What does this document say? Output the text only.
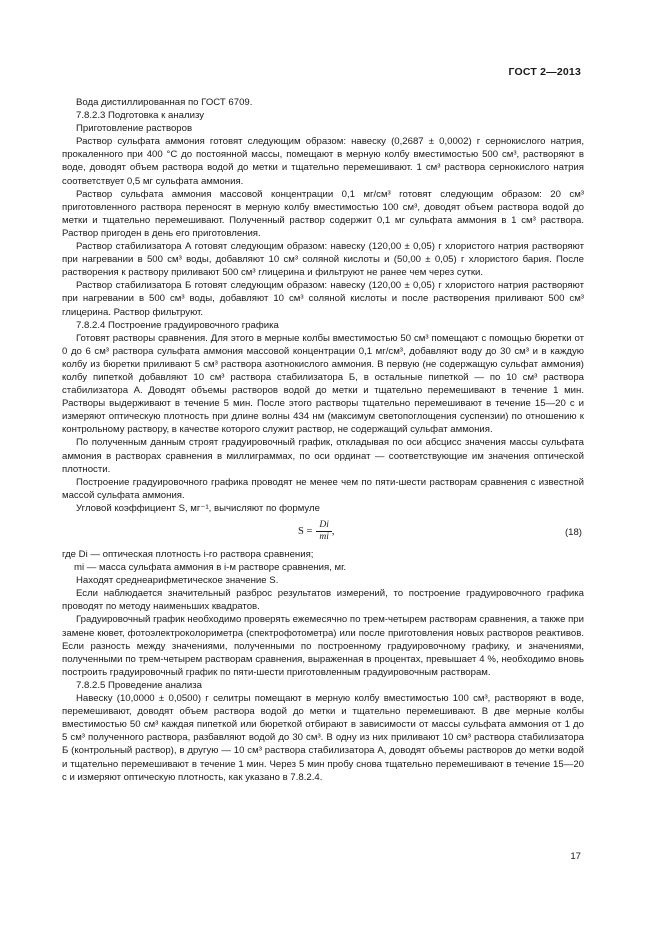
ГОСТ 2—2013

Вода дистиллированная по ГОСТ 6709.

7.8.2.3 Подготовка к анализу

Приготовление растворов

Раствор сульфата аммония готовят следующим образом: навеску (0,2687 ± 0,0002) г сернокислого натрия, прокаленного при 400 °С до постоянной массы, помещают в мерную колбу вместимостью 500 см³, растворяют в воде, доводят объем раствора водой до метки и тщательно перемешивают. 1 см³ раствора сернокислого натрия соответствует 0,5 мг сульфата аммония.

Раствор сульфата аммония массовой концентрации 0,1 мг/см³ готовят следующим образом: 20 см³ приготовленного раствора переносят в мерную колбу вместимостью 100 см³, доводят объем раствора водой до метки и тщательно перемешивают. Полученный раствор содержит 0,1 мг сульфата аммония в 1 см³ раствора. Раствор пригоден в день его приготовления.

Раствор стабилизатора А готовят следующим образом: навеску (120,00 ± 0,05) г хлористого натрия растворяют при нагревании в 500 см³ воды, добавляют 10 см³ соляной кислоты и (50,00 ± 0,05) г хлористого бария. После растворения к раствору приливают 500 см³ глицерина и фильтруют не ранее чем через сутки.

Раствор стабилизатора Б готовят следующим образом: навеску (120,00 ± 0,05) г хлористого натрия растворяют при нагревании в 500 см³ воды, добавляют 10 см³ соляной кислоты и после растворения приливают 500 см³ глицерина. Раствор фильтруют.

7.8.2.4 Построение градуировочного графика

Готовят растворы сравнения. Для этого в мерные колбы вместимостью 50 см³ помещают с помощью бюретки от 0 до 6 см³ раствора сульфата аммония массовой концентрации 0,1 мг/см³, добавляют воду до 30 см³ и в каждую колбу из бюретки приливают 5 см³ раствора азотнокислого аммония. В первую (не содержащую сульфат аммония) колбу пипеткой добавляют 10 см³ раствора стабилизатора Б, в остальные пипеткой — по 10 см³ раствора стабилизатора А. Доводят объемы растворов водой до метки и тщательно перемешивают в течение 1 мин. Растворы выдерживают в течение 5 мин. После этого растворы тщательно перемешивают в течение 15—20 с и измеряют оптическую плотность при длине волны 434 нм (максимум светопоглощения суспензии) по отношению к контрольному раствору, в качестве которого служит раствор, не содержащий сульфат аммония.

По полученным данным строят градуировочный график, откладывая по оси абсцисс значения массы сульфата аммония в растворах сравнения в миллиграммах, по оси ординат — соответствующие им значения оптической плотности.

Построение градуировочного графика проводят не менее чем по пяти-шести растворам сравнения с известной массой сульфата аммония.

Угловой коэффициент S, мг⁻¹, вычисляют по формуле

$S = \frac{Di}{mi}$ ,	(18)

где Di — оптическая плотность i-го раствора сравнения;

mi — масса сульфата аммония в i-м растворе сравнения, мг.

Находят среднеарифметическое значение S.

Если наблюдается значительный разброс результатов измерений, то построение градуировочного графика проводят по методу наименьших квадратов.

Градуировочный график необходимо проверять ежемесячно по трем-четырем растворам сравнения, а также при замене кювет, фотоэлектроколориметра (спектрофотометра) или после приготовления новых растворов реактивов. Если разность между значениями, полученными по построенному градуировочному графику, и значениями, полученными по трем-четырем растворам сравнения, выраженная в процентах, превышает 4 %, необходимо вновь построить градуировочный график по пяти-шести приготовленным градуировочным растворам.

7.8.2.5 Проведение анализа

Навеску (10,0000 ± 0,0500) г селитры помещают в мерную колбу вместимостью 100 см³, растворяют в воде, перемешивают, доводят объем раствора водой до метки и тщательно перемешивают. В две мерные колбы вместимостью 50 см³ каждая пипеткой или бюреткой отбирают в зависимости от массы сульфата аммония от 1 до 5 см³ полученного раствора, разбавляют водой до 30 см³. В одну из них приливают 10 см³ раствора стабилизатора Б (контрольный раствор), в другую — 10 см³ раствора стабилизатора А, доводят объемы растворов до метки водой и тщательно перемешивают в течение 1 мин. Через 5 мин пробу снова тщательно перемешивают в течение 15—20 с и измеряют оптическую плотность, как указано в 7.8.2.4.

17
